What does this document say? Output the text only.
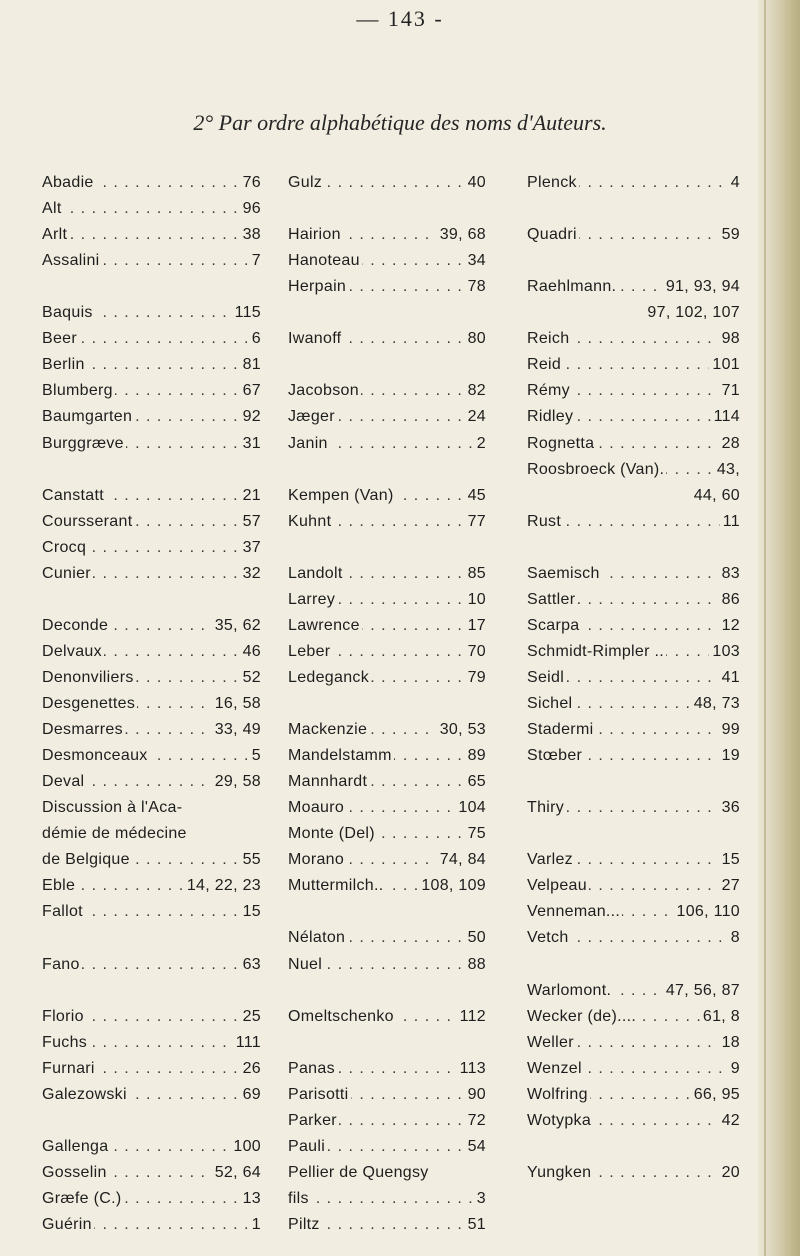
— 143 -
2° Par ordre alphabétique des noms d'Auteurs.
Abadie	76
. . .
Alt	96
. . .
Arlt	38
. . .
Assalini	7
. . .
Baquis	115
. . .
Beer	6
. . .
Berlin	81
. . .
Blumberg	67
. . .
Baumgarten	92
. . .
Burggræve	31
. . .
Canstatt	21
. . .
Coursserant	57
. . .
Crocq	37
. . .
Cunier	32
. . .
Deconde	35, 62
. . .
Delvaux	46
. . .
Denonviliers	52
. . .
Desgenettes	16, 58
. . .
Desmarres	33, 49
. . .
Desmonceaux	5
. . .
Deval	29, 58
. . .
Discussion à l'Aca-
démie de médecine
de Belgique	55
. . .
Eble	14, 22, 23
. . .
Fallot	15
. . .
Fano	63
. . .
Florio	25
. . .
Fuchs	111
. . .
Furnari	26
. . .
Galezowski	69
. . .
Gallenga	100
. . .
Gosselin	52, 64
. . .
Græfe (C.)	13
. . .
Guérin	1
. . .
Gulz	40
. . .
Hairion	39, 68
. . .
Hanoteau	34
. . .
Herpain	78
. . .
Iwanoff	80
. . .
Jacobson	82
. . .
Jæger	24
. . .
Janin	2
. . .
Kempen (Van)	45
. . .
Kuhnt	77
. . .
Landolt	85
. . .
Larrey	10
. . .
Lawrence	17
. . .
Leber	70
. . .
Ledeganck	79
. . .
Mackenzie	30, 53
. . .
Mandelstamm	89
. . .
Mannhardt	65
. . .
Moauro	104
. . .
Monte (Del)	75
. . .
Morano	74, 84
. . .
Muttermilch.. 108, 109
. . .
Nélaton	50
. . .
Nuel	88
. . .
Omeltschenko	112
. . .
Panas	113
. . .
Parisotti	90
. . .
Parker	72
. . .
Pauli	54
. . .
Pellier de Quengsy
fils	3
. . .
Piltz	51
. . .
Plenck	4
. . .
Quadri	59
. . .
Raehlmann.	91, 93, 94
. . .
97, 102, 107
Reich	98
. . .
Reid	101
. . .
Rémy	71
. . .
Ridley	114
. . .
Rognetta	28
. . .
Roosbroeck (Van).	43,
. . .
44, 60
Rust	11
. . .
Saemisch	83
. . .
Sattler	86
. . .
Scarpa	12
. . .
Schmidt-Rimpler ..	103
. . .
Seidl	41
. . .
Sichel	48, 73
. . .
Stadermi	99
. . .
Stœber	19
. . .
Thiry	36
. . .
Varlez	15
. . .
Velpeau	27
. . .
Venneman...	106, 110
. . .
Vetch	8
. . .
Warlomont.	47, 56, 87
. . .
Wecker (de)....	61, 8
. . .
Weller	18
. . .
Wenzel	9
. . .
Wolfring	66, 95
. . .
Wotypka	42
. . .
Yungken	20
. . .
